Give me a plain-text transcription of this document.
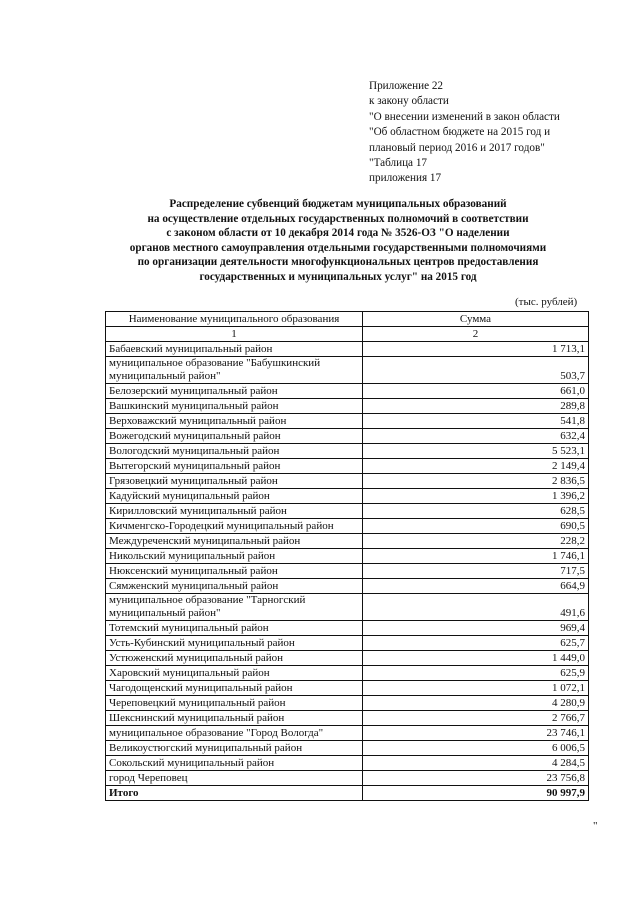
Приложение 22
к закону области
"О внесении изменений в закон области
"Об областном бюджете на 2015 год и
плановый период 2016 и 2017 годов"
"Таблица 17
приложения 17
Распределение субвенций бюджетам муниципальных образований
на осуществление отдельных государственных полномочий в соответствии
с законом области от 10 декабря 2014 года № 3526-ОЗ "О наделении
органов местного самоуправления отдельными государственными полномочиями
по организации деятельности многофункциональных центров предоставления
государственных и муниципальных услуг" на 2015 год
(тыс. рублей)
Наименование муниципального образования	Сумма
1	2

Бабаевский муниципальный район	1 713,1

муниципальное образование "Бабушкинский
муниципальный район"	503,7

Белозерский муниципальный район	661,0

Вашкинский муниципальный район	289,8

Верховажский муниципальный район	541,8

Вожегодский муниципальный район	632,4

Вологодский муниципальный район	5 523,1

Вытегорский муниципальный район	2 149,4

Грязовецкий муниципальный район	2 836,5

Кадуйский муниципальный район	1 396,2

Кирилловский муниципальный район	628,5

Кичменгско-Городецкий муниципальный район	690,5

Междуреченский муниципальный район	228,2

Никольский муниципальный район	1 746,1

Нюксенский муниципальный район	717,5

Сямженский муниципальный район	664,9

муниципальное образование "Тарногский
муниципальный район"	491,6

Тотемский муниципальный район	969,4

Усть-Кубинский муниципальный район	625,7

Устюженский муниципальный район	1 449,0

Харовский муниципальный район	625,9

Чагодощенский муниципальный район	1 072,1

Череповецкий муниципальный район	4 280,9

Шекснинский муниципальный район	2 766,7

муниципальное образование "Город Вологда"	23 746,1

Великоустюгский муниципальный район	6 006,5

Сокольский муниципальный район	4 284,5

город Череповец	23 756,8
Итого	90 997,9
"
